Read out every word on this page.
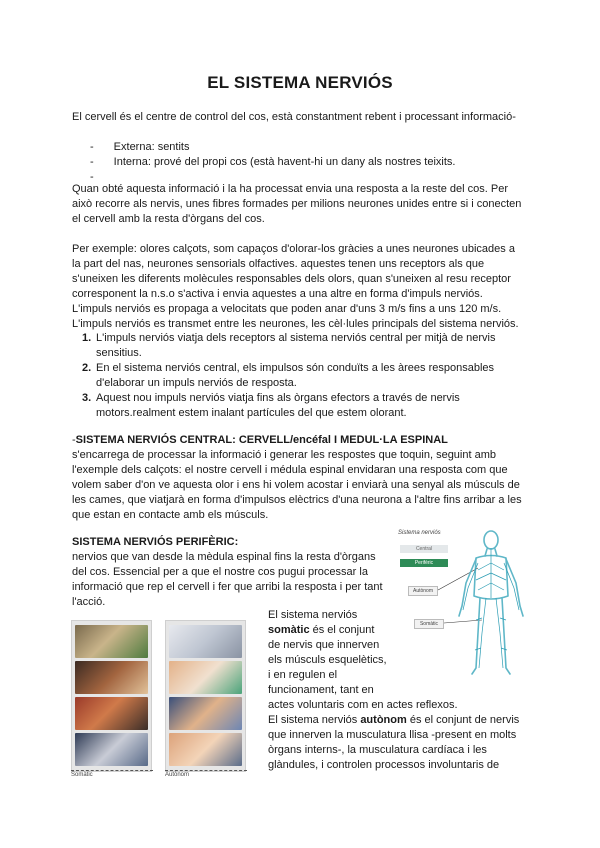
EL SISTEMA NERVIÓS
El cervell és el centre de control del cos, està constantment rebent i processant informació-
- Externa: sentits
- Interna: prové del propi cos (està havent-hi un dany als nostres teixits.
-
Quan obté aquesta informació i la ha processat envia una resposta a la reste del cos. Per
això recorre als nervis, unes fibres formades per milions neurones unides entre si i conecten
el cervell amb la resta d'òrgans del cos.
Per exemple: olores calçots, som capaços d'olorar-los gràcies a unes neurones ubicades a
la part del nas, neurones sensorials olfactives. aquestes tenen uns receptors als que
s'uneixen les diferents molècules responsables dels olors, quan s'uneixen al resu receptor
corresponent la n.s.o s'activa i envia aquestes a una altre en forma d'impuls nerviós.
L'impuls nerviós es propaga a velocitats que poden anar d'uns 3 m/s fins a uns 120 m/s.
L'impuls nerviós es transmet entre les neurones, les cèl·lules principals del sistema nerviós.
1. L'impuls nerviós viatja dels receptors al sistema nerviós central per mitjà de nervis
sensitius.
2. En el sistema nerviós central, els impulsos són conduïts a les àrees responsables
d'elaborar un impuls nerviós de resposta.
3. Aquest nou impuls nerviós viatja fins als òrgans efectors a través de nervis
motors.realment estem inalant partícules del que estem olorant.
-SISTEMA NERVIÓS CENTRAL: CERVELL/encéfal I MEDUL·LA ESPINAL
s'encarrega de processar la informació i generar les respostes que toquin, seguint amb
l'exemple dels calçots: el nostre cervell i médula espinal envidaran una resposta com que
volem saber d'on ve aquesta olor i ens hi volem acostar i enviarà una senyal als músculs de
les cames, que viatjarà en forma d'impulsos elèctrics d'una neurona a l'altre fins arribar a les
que estan en contacte amb els músculs.
SISTEMA NERVIÓS PERIFÈRIC:
nervios que van desde la mèdula espinal fins la resta d'òrgans
del cos. Essencial per a que el nostre cos pugui processar la
informació que rep el cervell i fer que arribi la resposta i per tant
l'acció.
Somàtic	Autònom
El sistema nerviós
somàtic és el conjunt
de nervis que innerven
els músculs esquelètics,
i en regulen el
funcionament, tant en
actes voluntaris com en actes reflexos.
El sistema nerviós autònom és el conjunt de nervis
que innerven la musculatura llisa -present en molts
òrgans interns-, la musculatura cardíaca i les
glàndules, i controlen processos involuntaris de
Sistema nerviós
Central
Perifèric
Autònom
Somàtic
